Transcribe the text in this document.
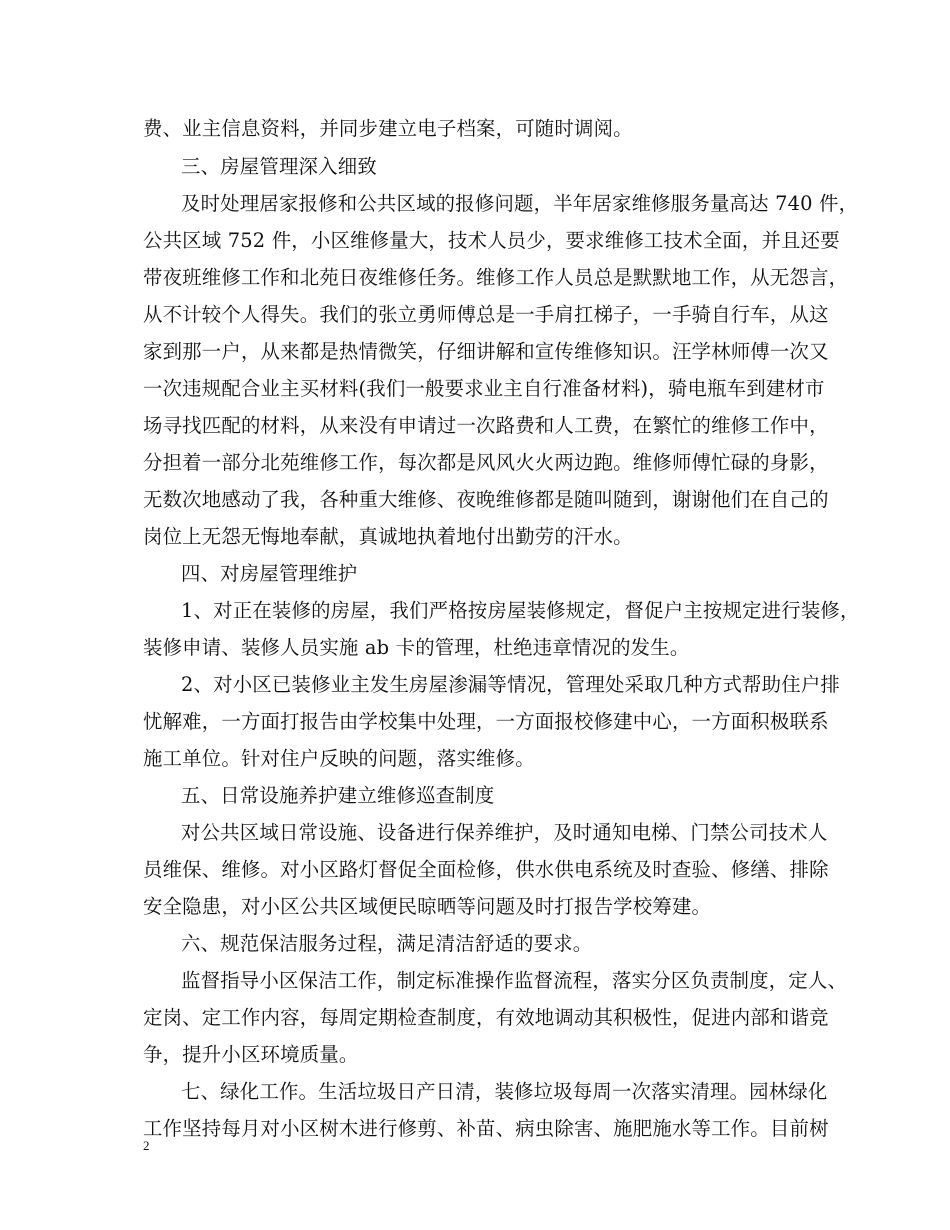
费、业主信息资料，并同步建立电子档案，可随时调阅。
三、房屋管理深入细致
及时处理居家报修和公共区域的报修问题，半年居家维修服务量高达 740 件，
公共区域 752 件，小区维修量大，技术人员少，要求维修工技术全面，并且还要
带夜班维修工作和北苑日夜维修任务。维修工作人员总是默默地工作，从无怨言，
从不计较个人得失。我们的张立勇师傅总是一手肩扛梯子，一手骑自行车，从这
家到那一户，从来都是热情微笑，仔细讲解和宣传维修知识。汪学林师傅一次又
一次违规配合业主买材料(我们一般要求业主自行准备材料)，骑电瓶车到建材市
场寻找匹配的材料，从来没有申请过一次路费和人工费，在繁忙的维修工作中，
分担着一部分北苑维修工作，每次都是风风火火两边跑。维修师傅忙碌的身影，
无数次地感动了我，各种重大维修、夜晚维修都是随叫随到，谢谢他们在自己的
岗位上无怨无悔地奉献，真诚地执着地付出勤劳的汗水。
四、对房屋管理维护
1、对正在装修的房屋，我们严格按房屋装修规定，督促户主按规定进行装修，
装修申请、装修人员实施 ab 卡的管理，杜绝违章情况的发生。
2、对小区已装修业主发生房屋渗漏等情况，管理处采取几种方式帮助住户排
忧解难，一方面打报告由学校集中处理，一方面报校修建中心，一方面积极联系
施工单位。针对住户反映的问题，落实维修。
五、日常设施养护建立维修巡查制度
对公共区域日常设施、设备进行保养维护，及时通知电梯、门禁公司技术人
员维保、维修。对小区路灯督促全面检修，供水供电系统及时查验、修缮、排除
安全隐患，对小区公共区域便民晾晒等问题及时打报告学校筹建。
六、规范保洁服务过程，满足清洁舒适的要求。
监督指导小区保洁工作，制定标准操作监督流程，落实分区负责制度，定人、
定岗、定工作内容，每周定期检查制度，有效地调动其积极性，促进内部和谐竞
争，提升小区环境质量。
七、绿化工作。生活垃圾日产日清，装修垃圾每周一次落实清理。园林绿化
工作坚持每月对小区树木进行修剪、补苗、病虫除害、施肥施水等工作。目前树
2
